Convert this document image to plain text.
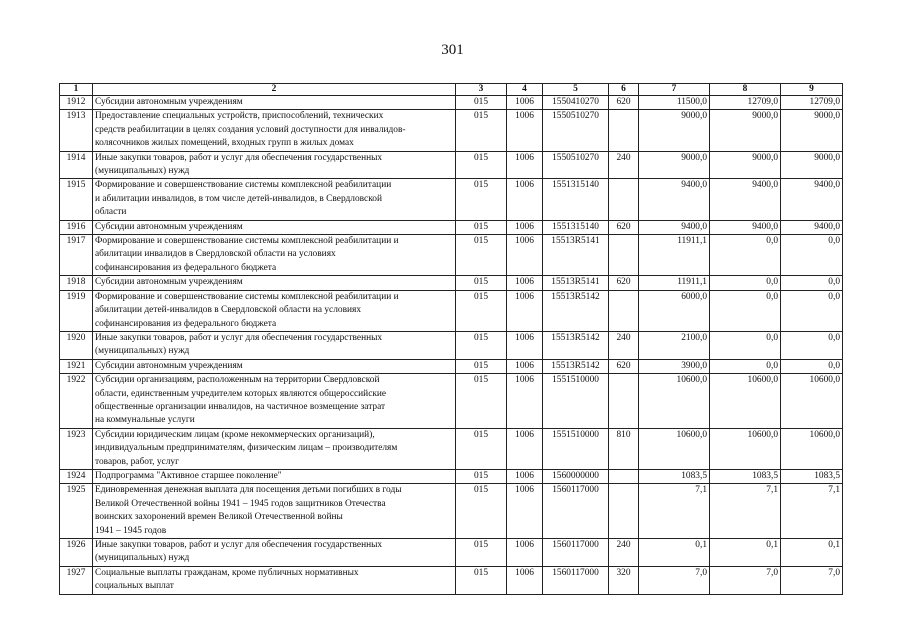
301
1	2	3	4	5	6	7	8	9
1912	Субсидии автономным учреждениям	015	1006	1550410270	620	11500,0	12709,0	12709,0
1913	Предоставление специальных устройств, приспособлений, технических
средств реабилитации в целях создания условий доступности для инвалидов-
колясочников жилых помещений, входных групп в жилых домах	015	1006	1550510270		9000,0	9000,0	9000,0
1914	Иные закупки товаров, работ и услуг для обеспечения государственных
(муниципальных) нужд	015	1006	1550510270	240	9000,0	9000,0	9000,0
1915	Формирование и совершенствование системы комплексной реабилитации
и абилитации инвалидов, в том числе детей-инвалидов, в Свердловской
области	015	1006	1551315140		9400,0	9400,0	9400,0
1916	Субсидии автономным учреждениям	015	1006	1551315140	620	9400,0	9400,0	9400,0
1917	Формирование и совершенствование системы комплексной реабилитации и
абилитации инвалидов в Свердловской области на условиях
софинансирования из федерального бюджета	015	1006	15513R5141		11911,1	0,0	0,0
1918	Субсидии автономным учреждениям	015	1006	15513R5141	620	11911,1	0,0	0,0
1919	Формирование и совершенствование системы комплексной реабилитации и
абилитации детей-инвалидов в Свердловской области на условиях
софинансирования из федерального бюджета	015	1006	15513R5142		6000,0	0,0	0,0
1920	Иные закупки товаров, работ и услуг для обеспечения государственных
(муниципальных) нужд	015	1006	15513R5142	240	2100,0	0,0	0,0
1921	Субсидии автономным учреждениям	015	1006	15513R5142	620	3900,0	0,0	0,0
1922	Субсидии организациям, расположенным на территории Свердловской
области, единственным учредителем которых являются общероссийские
общественные организации инвалидов, на частичное возмещение затрат
на коммунальные услуги	015	1006	1551510000		10600,0	10600,0	10600,0
1923	Субсидии юридическим лицам (кроме некоммерческих организаций),
индивидуальным предпринимателям, физическим лицам – производителям
товаров, работ, услуг	015	1006	1551510000	810	10600,0	10600,0	10600,0
1924	Подпрограмма "Активное старшее поколение"	015	1006	1560000000		1083,5	1083,5	1083,5
1925	Единовременная денежная выплата для посещения детьми погибших в годы
Великой Отечественной войны 1941 – 1945 годов защитников Отечества
воинских захоронений времен Великой Отечественной войны
1941 – 1945 годов	015	1006	1560117000		7,1	7,1	7,1
1926	Иные закупки товаров, работ и услуг для обеспечения государственных
(муниципальных) нужд	015	1006	1560117000	240	0,1	0,1	0,1
1927	Социальные выплаты гражданам, кроме публичных нормативных
социальных выплат	015	1006	1560117000	320	7,0	7,0	7,0
